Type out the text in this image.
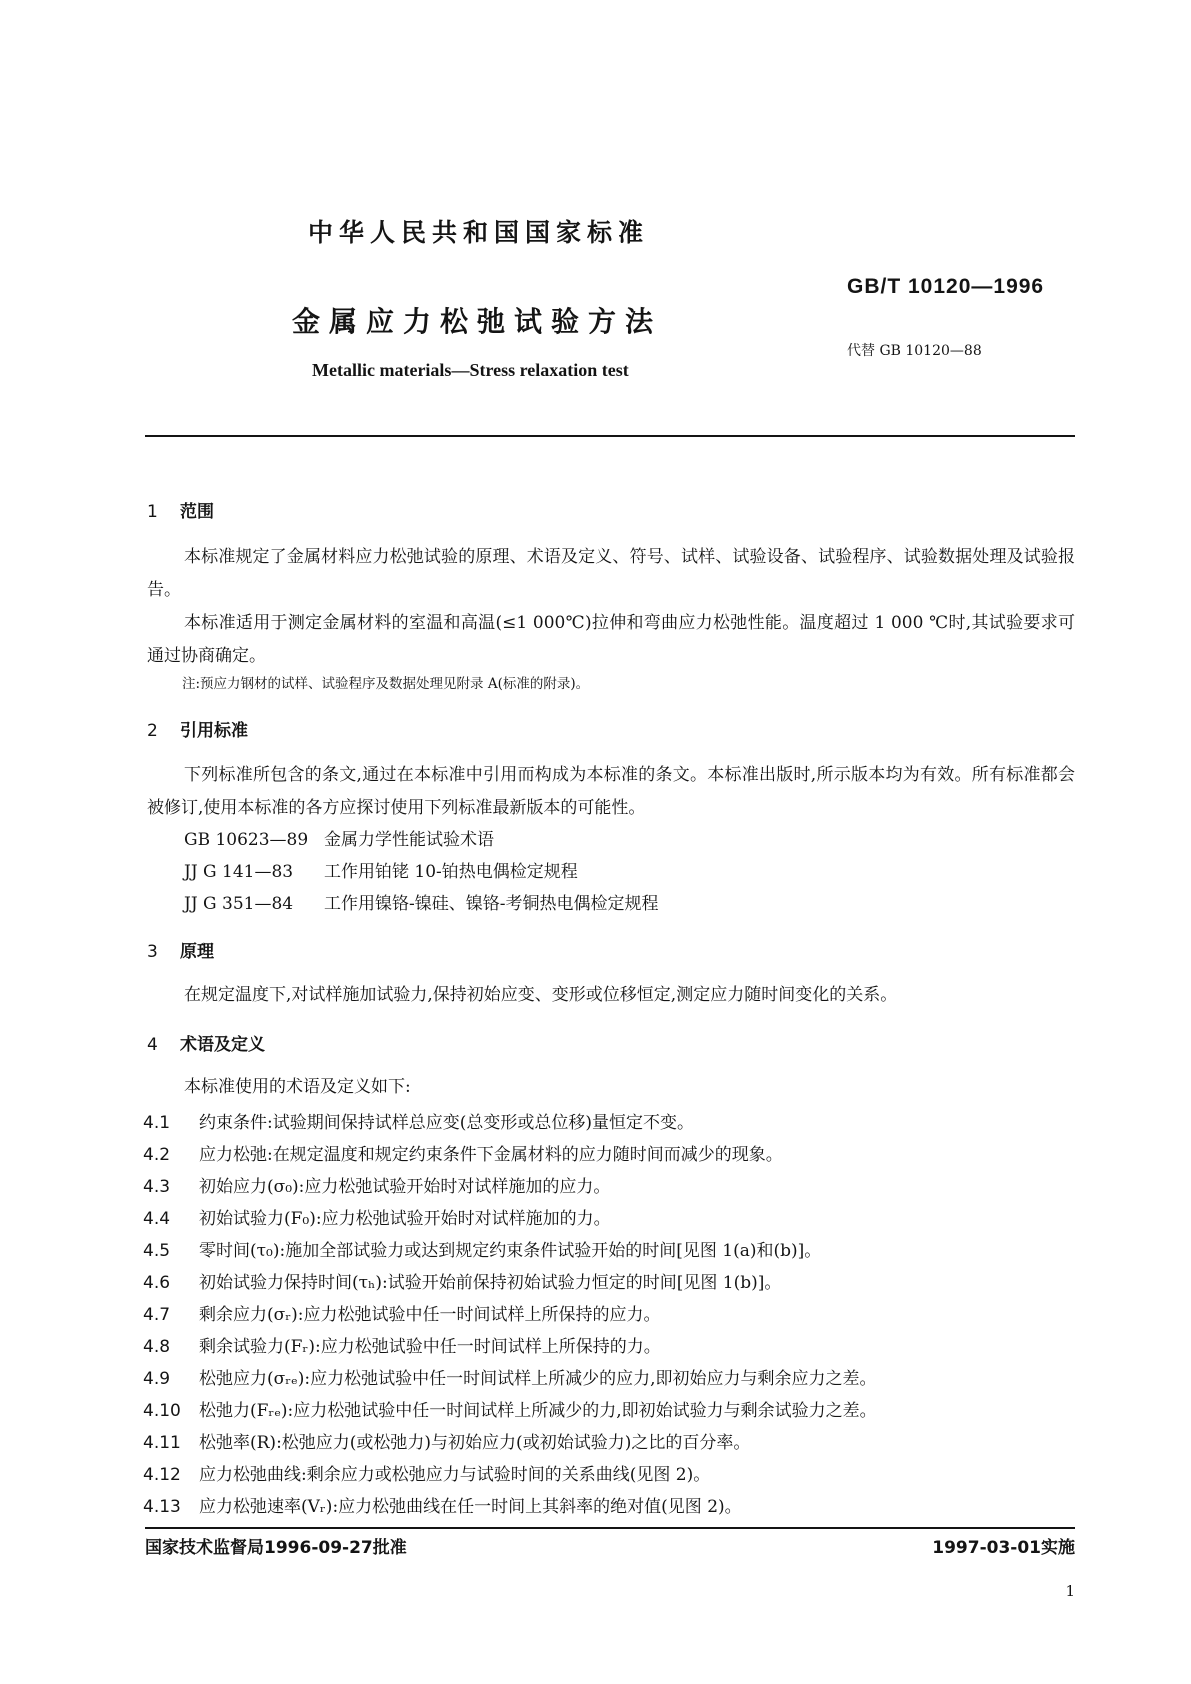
中华人民共和国国家标准
金属应力松弛试验方法
Metallic materials—Stress relaxation test
GB/T 10120—1996
代替 GB 10120—88
1 范围
本标准规定了金属材料应力松弛试验的原理、术语及定义、符号、试样、试验设备、试验程序、试验数据处理及试验报告。
本标准适用于测定金属材料的室温和高温(≤1 000℃)拉伸和弯曲应力松弛性能。温度超过 1 000 ℃时,其试验要求可通过协商确定。
注:预应力钢材的试样、试验程序及数据处理见附录 A(标准的附录)。
2 引用标准
下列标准所包含的条文,通过在本标准中引用而构成为本标准的条文。本标准出版时,所示版本均为有效。所有标准都会被修订,使用本标准的各方应探讨使用下列标准最新版本的可能性。
GB 10623—89 金属力学性能试验术语
JJ G 141—83 工作用铂铑 10-铂热电偶检定规程
JJ G 351—84 工作用镍铬-镍硅、镍铬-考铜热电偶检定规程
3 原理
在规定温度下,对试样施加试验力,保持初始应变、变形或位移恒定,测定应力随时间变化的关系。
4 术语及定义
本标准使用的术语及定义如下:
4.1 约束条件:试验期间保持试样总应变(总变形或总位移)量恒定不变。
4.2 应力松弛:在规定温度和规定约束条件下金属材料的应力随时间而减少的现象。
4.3 初始应力(σ₀):应力松弛试验开始时对试样施加的应力。
4.4 初始试验力(F₀):应力松弛试验开始时对试样施加的力。
4.5 零时间(τ₀):施加全部试验力或达到规定约束条件试验开始的时间[见图 1(a)和(b)]。
4.6 初始试验力保持时间(τₕ):试验开始前保持初始试验力恒定的时间[见图 1(b)]。
4.7 剩余应力(σᵣ):应力松弛试验中任一时间试样上所保持的应力。
4.8 剩余试验力(Fᵣ):应力松弛试验中任一时间试样上所保持的力。
4.9 松弛应力(σᵣₑ):应力松弛试验中任一时间试样上所减少的应力,即初始应力与剩余应力之差。
4.10 松弛力(Fᵣₑ):应力松弛试验中任一时间试样上所减少的力,即初始试验力与剩余试验力之差。
4.11 松弛率(R):松弛应力(或松弛力)与初始应力(或初始试验力)之比的百分率。
4.12 应力松弛曲线:剩余应力或松弛应力与试验时间的关系曲线(见图 2)。
4.13 应力松弛速率(Vᵣ):应力松弛曲线在任一时间上其斜率的绝对值(见图 2)。
国家技术监督局1996-09-27批准	1997-03-01实施
1
